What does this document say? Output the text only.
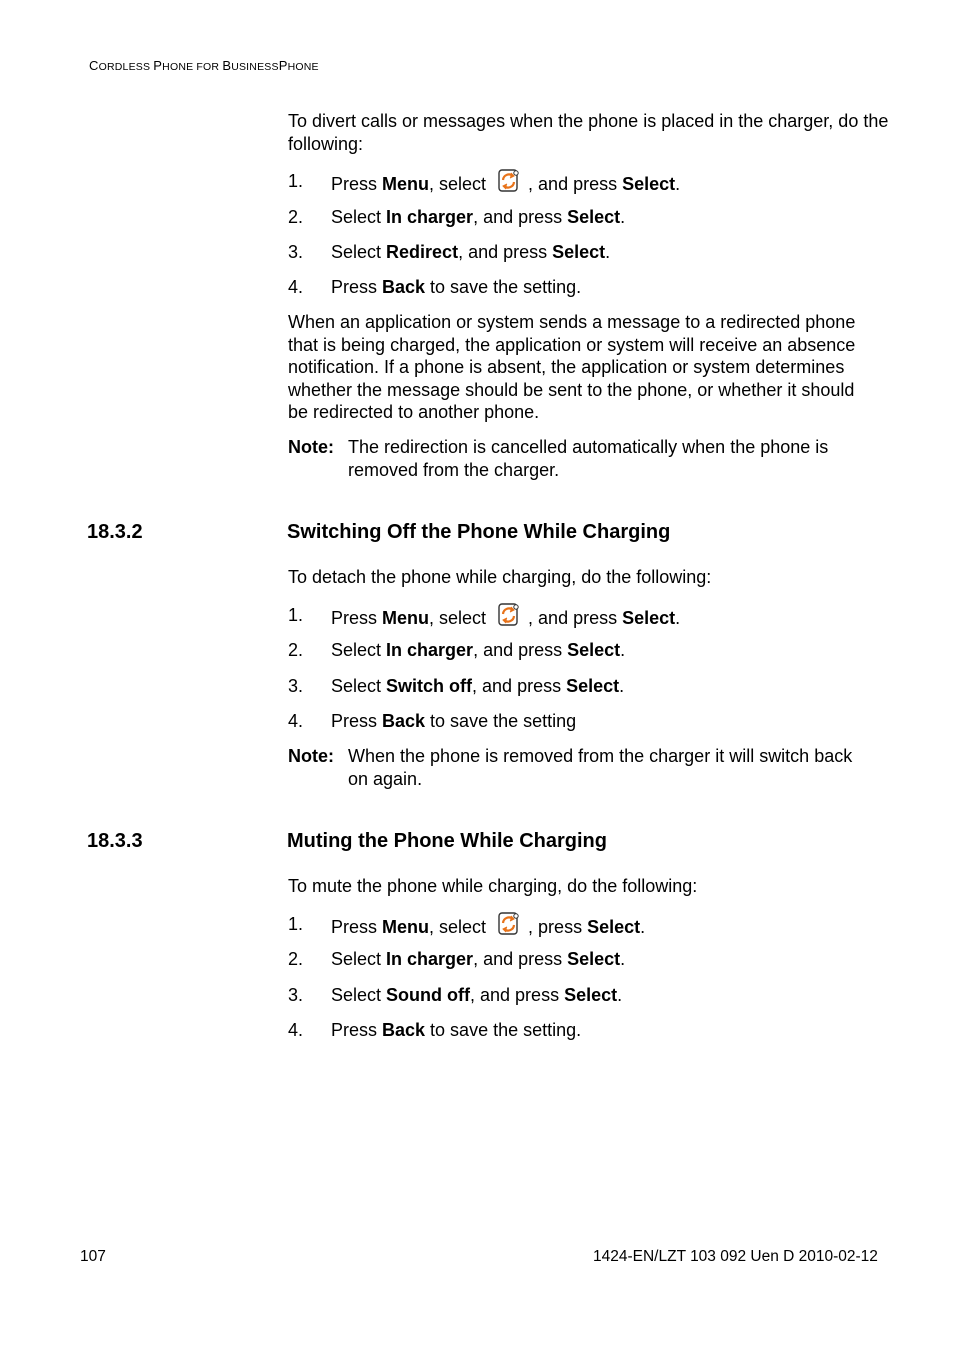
CORDLESS PHONE FOR BUSINESSPHONE

To divert calls or messages when the phone is placed in the charger, do the following:

1. Press Menu, select , and press Select.
2. Select In charger, and press Select.
3. Select Redirect, and press Select.
4. Press Back to save the setting.

When an application or system sends a message to a redirected phone

that is being charged, the application or system will receive an absence

notification. If a phone is absent, the application or system determines

whether the message should be sent to the phone, or whether it should

be redirected to another phone.

Note: The redirection is cancelled automatically when the phone is

removed from the charger.

18.3.2	Switching Off the Phone While Charging

To detach the phone while charging, do the following:

1. Press Menu, select , and press Select.
2. Select In charger, and press Select.
3. Select Switch off, and press Select.
4. Press Back to save the setting
Note: When the phone is removed from the charger it will switch back

on again.

18.3.3	Muting the Phone While Charging

To mute the phone while charging, do the following:

1. Press Menu, select , press Select.
2. Select In charger, and press Select.
3. Select Sound off, and press Select.
4. Press Back to save the setting.
107	1424-EN/LZT 103 092 Uen D 2010-02-12
